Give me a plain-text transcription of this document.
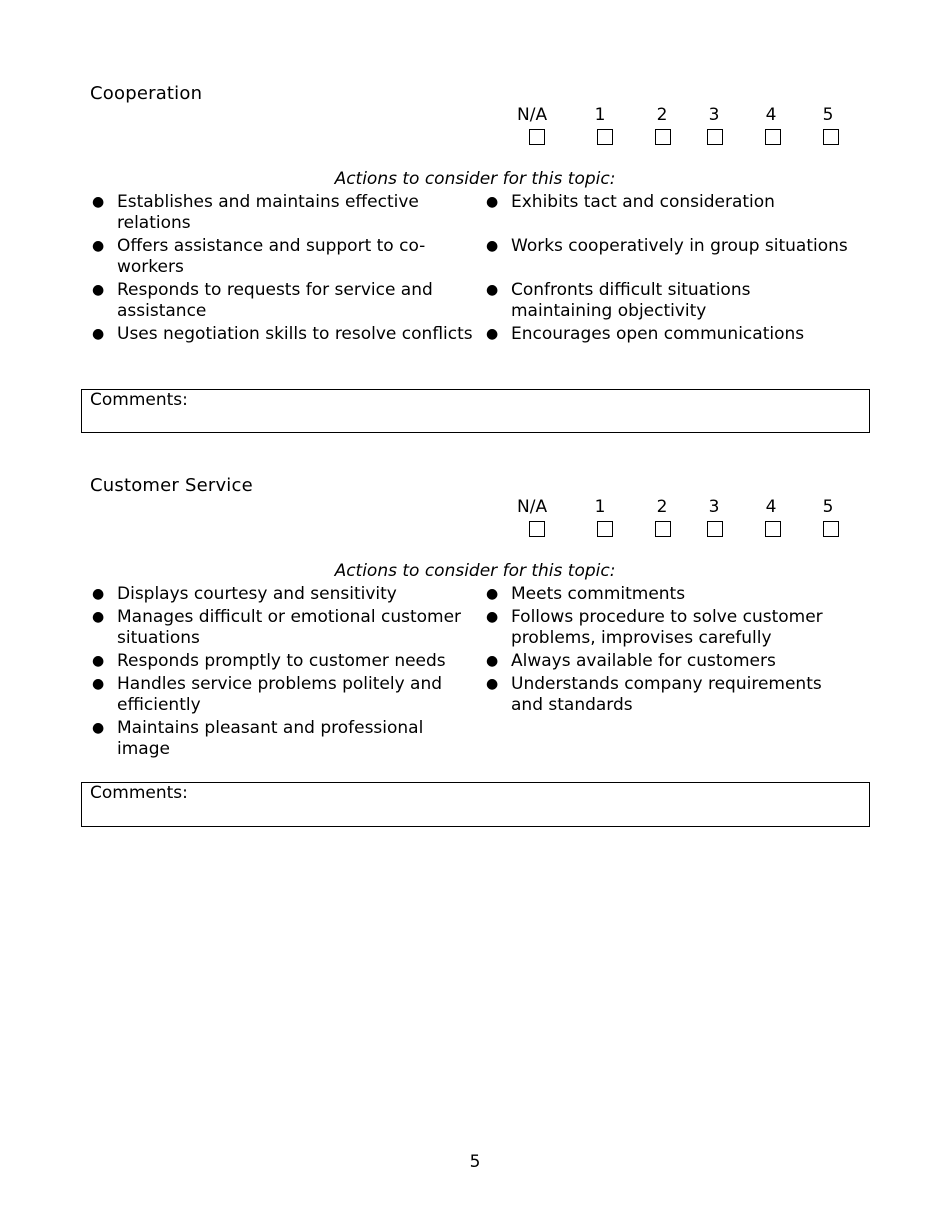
Cooperation
N/A	1	2	3	4	5
Actions to consider for this topic:
● Establishes and maintains effective relations
● Offers assistance and support to co-workers
● Responds to requests for service and assistance
● Uses negotiation skills to resolve conflicts
● Exhibits tact and consideration
● Works cooperatively in group situations
● Confronts difficult situations maintaining objectivity
● Encourages open communications
Comments:
Customer Service
N/A	1	2	3	4	5
Actions to consider for this topic:
● Displays courtesy and sensitivity
● Manages difficult or emotional customer situations
● Responds promptly to customer needs
● Handles service problems politely and efficiently
● Maintains pleasant and professional image
● Meets commitments
● Follows procedure to solve customer problems, improvises carefully
● Always available for customers
● Understands company requirements and standards
Comments:
5
